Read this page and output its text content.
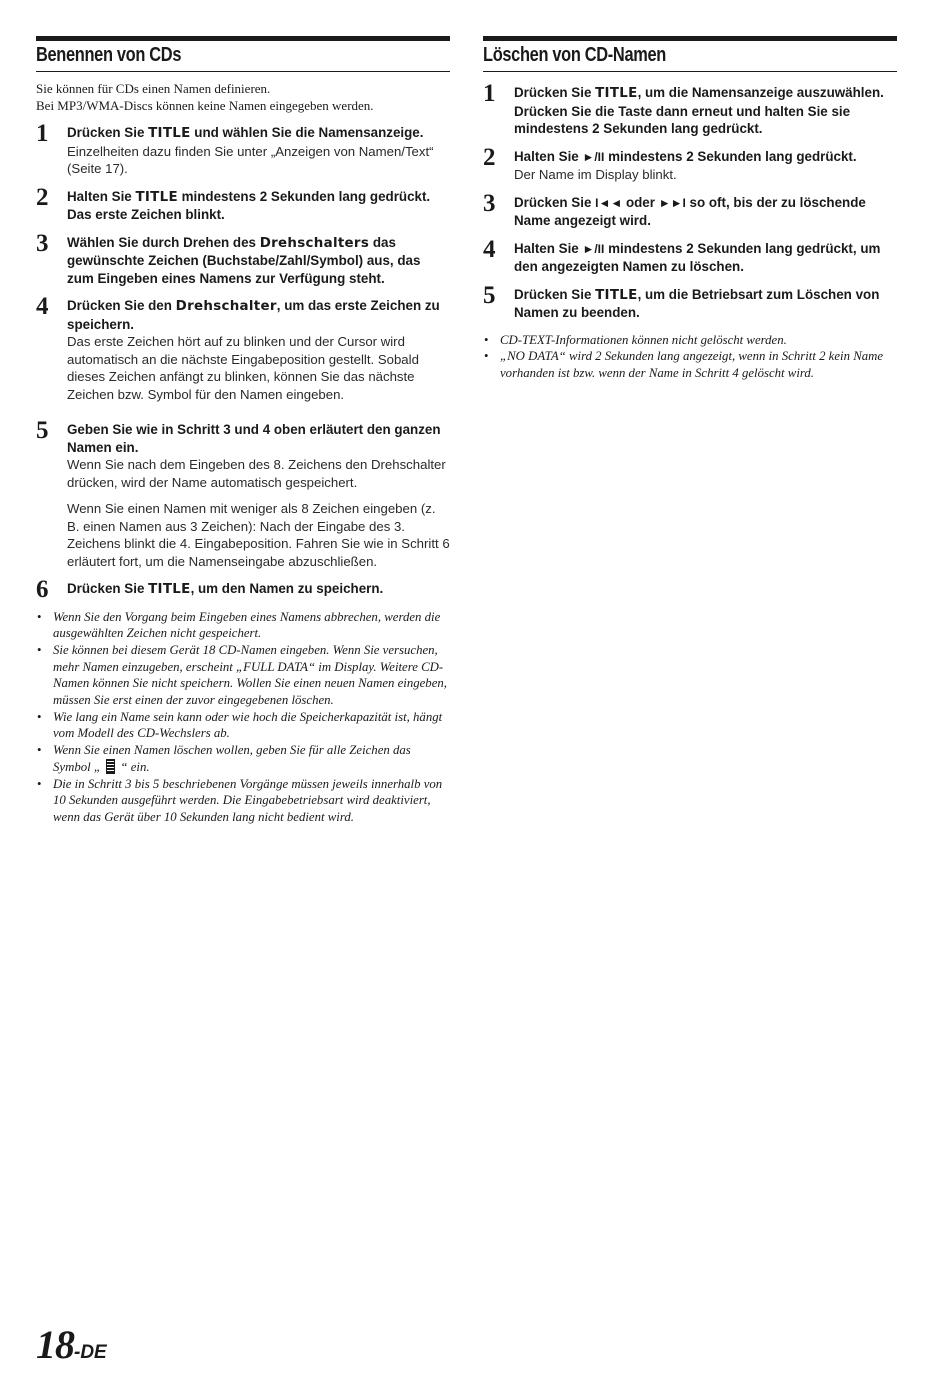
Benennen von CDs

Sie können für CDs einen Namen definieren.

Bei MP3/WMA-Discs können keine Namen eingegeben werden.

1 Drücken Sie TITLE und wählen Sie die Namensanzeige.

Einzelheiten dazu finden Sie unter „Anzeigen von Namen/Text“ (Seite 17).

2 Halten Sie TITLE mindestens 2 Sekunden lang gedrückt. Das erste Zeichen blinkt.

3 Wählen Sie durch Drehen des Drehschalters das gewünschte Zeichen (Buchstabe/Zahl/Symbol) aus, das zum Eingeben eines Namens zur Verfügung steht.

4 Drücken Sie den Drehschalter, um das erste Zeichen zu speichern.

Das erste Zeichen hört auf zu blinken und der Cursor wird automatisch an die nächste Eingabeposition gestellt. Sobald dieses Zeichen anfängt zu blinken, können Sie das nächste Zeichen bzw. Symbol für den Namen eingeben.

5 Geben Sie wie in Schritt 3 und 4 oben erläutert den ganzen Namen ein.

Wenn Sie nach dem Eingeben des 8. Zeichens den Drehschalter drücken, wird der Name automatisch gespeichert.

Wenn Sie einen Namen mit weniger als 8 Zeichen eingeben (z. B. einen Namen aus 3 Zeichen): Nach der Eingabe des 3. Zeichens blinkt die 4. Eingabeposition. Fahren Sie wie in Schritt 6 erläutert fort, um die Namenseingabe abzuschließen.

6 Drücken Sie TITLE, um den Namen zu speichern.

• Wenn Sie den Vorgang beim Eingeben eines Namens abbrechen, werden die ausgewählten Zeichen nicht gespeichert.
• Sie können bei diesem Gerät 18 CD-Namen eingeben. Wenn Sie versuchen, mehr Namen einzugeben, erscheint „FULL DATA“ im Display. Weitere CD-Namen können Sie nicht speichern. Wollen Sie einen neuen Namen eingeben, müssen Sie erst einen der zuvor eingegebenen löschen.
• Wie lang ein Name sein kann oder wie hoch die Speicherkapazität ist, hängt vom Modell des CD-Wechslers ab.
• Wenn Sie einen Namen löschen wollen, geben Sie für alle Zeichen das Symbol „  “ ein.
• Die in Schritt 3 bis 5 beschriebenen Vorgänge müssen jeweils innerhalb von 10 Sekunden ausgeführt werden. Die Eingabebetriebsart wird deaktiviert, wenn das Gerät über 10 Sekunden lang nicht bedient wird.
Löschen von CD-Namen
1 Drücken Sie TITLE, um die Namensanzeige auszuwählen. Drücken Sie die Taste dann erneut und halten Sie sie mindestens 2 Sekunden lang gedrückt.

2 Halten Sie ►/II mindestens 2 Sekunden lang gedrückt.

Der Name im Display blinkt.

3 Drücken Sie I◄◄ oder ►►I so oft, bis der zu löschende Name angezeigt wird.

4 Halten Sie ►/II mindestens 2 Sekunden lang gedrückt, um den angezeigten Namen zu löschen.

5 Drücken Sie TITLE, um die Betriebsart zum Löschen von Namen zu beenden.

• CD-TEXT-Informationen können nicht gelöscht werden.
• „NO DATA“ wird 2 Sekunden lang angezeigt, wenn in Schritt 2 kein Name vorhanden ist bzw. wenn der Name in Schritt 4 gelöscht wird.
18-DE
